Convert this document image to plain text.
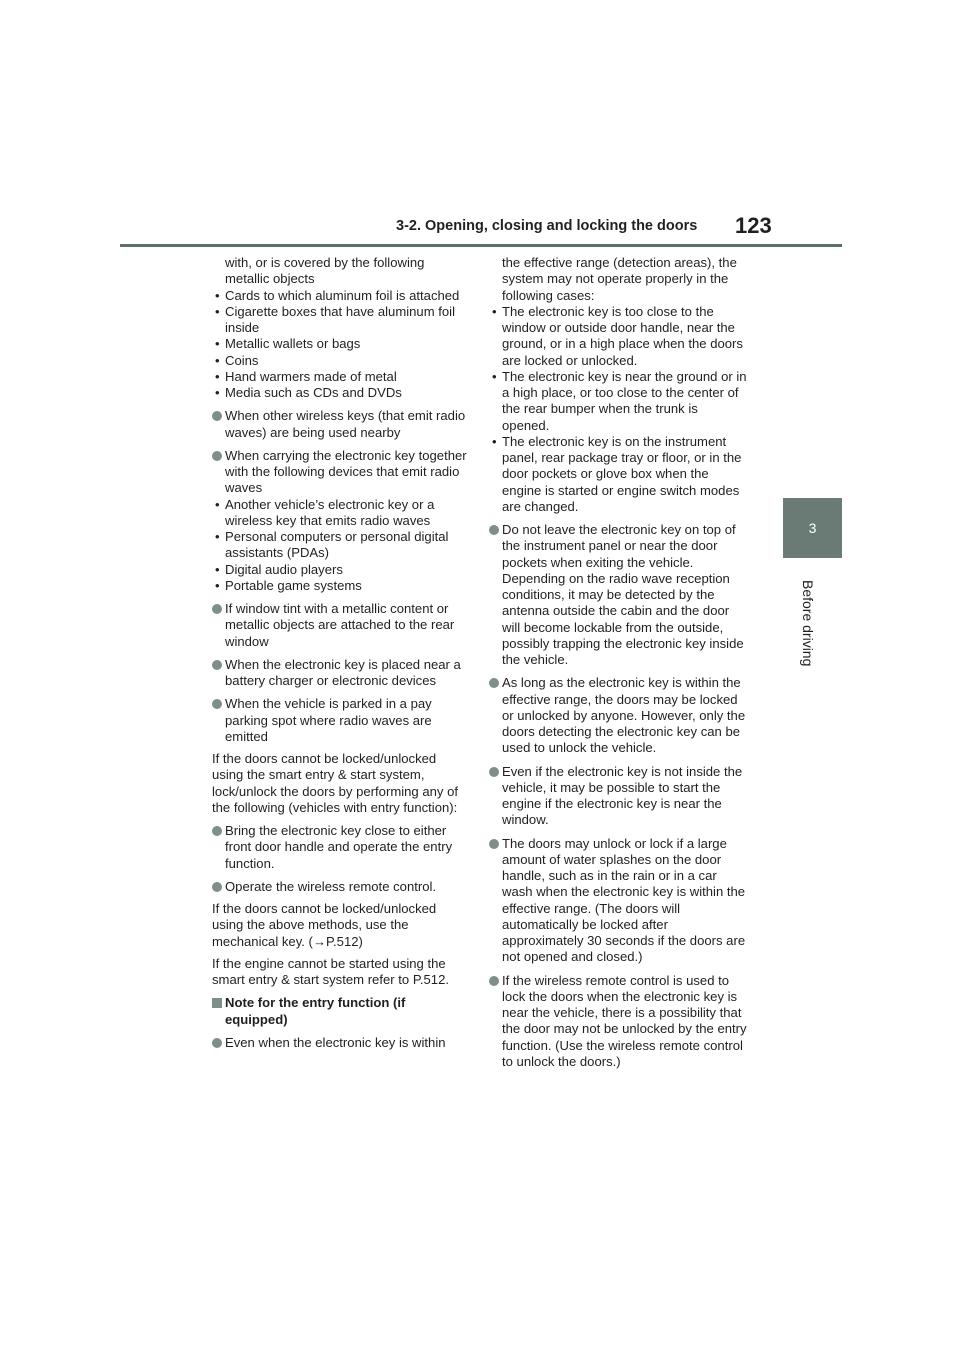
3-2. Opening, closing and locking the doors 123
3
Before driving

with, or is covered by the following metallic objects

• Cards to which aluminum foil is attached

• Cigarette boxes that have aluminum foil inside

• Metallic wallets or bags

• Coins

• Hand warmers made of metal

• Media such as CDs and DVDs

When other wireless keys (that emit radio waves) are being used nearby
When carrying the electronic key together with the following devices that emit radio waves

• Another vehicle’s electronic key or a wireless key that emits radio waves

• Personal computers or personal digital assistants (PDAs)

• Digital audio players

• Portable game systems

If window tint with a metallic content or metallic objects are attached to the rear window
When the electronic key is placed near a battery charger or electronic devices
When the vehicle is parked in a pay parking spot where radio waves are emitted

If the doors cannot be locked/unlocked using the smart entry & start system, lock/unlock the doors by performing any of the following (vehicles with entry function):

Bring the electronic key close to either front door handle and operate the entry function.
Operate the wireless remote control.

If the doors cannot be locked/unlocked using the above methods, use the mechanical key. (→P.512)

If the engine cannot be started using the smart entry & start system refer to P.512.

Note for the entry function (if equipped)
Even when the electronic key is within

the effective range (detection areas), the system may not operate properly in the following cases:

• The electronic key is too close to the window or outside door handle, near the ground, or in a high place when the doors are locked or unlocked.

• The electronic key is near the ground or in a high place, or too close to the center of the rear bumper when the trunk is opened.

• The electronic key is on the instrument panel, rear package tray or floor, or in the door pockets or glove box when the engine is started or engine switch modes are changed.

Do not leave the electronic key on top of the instrument panel or near the door pockets when exiting the vehicle. Depending on the radio wave reception conditions, it may be detected by the antenna outside the cabin and the door will become lockable from the outside, possibly trapping the electronic key inside the vehicle.
As long as the electronic key is within the effective range, the doors may be locked or unlocked by anyone. However, only the doors detecting the electronic key can be used to unlock the vehicle.
Even if the electronic key is not inside the vehicle, it may be possible to start the engine if the electronic key is near the window.
The doors may unlock or lock if a large amount of water splashes on the door handle, such as in the rain or in a car wash when the electronic key is within the effective range. (The doors will automatically be locked after approximately 30 seconds if the doors are not opened and closed.)
If the wireless remote control is used to lock the doors when the electronic key is near the vehicle, there is a possibility that the door may not be unlocked by the entry function. (Use the wireless remote control to unlock the doors.)
